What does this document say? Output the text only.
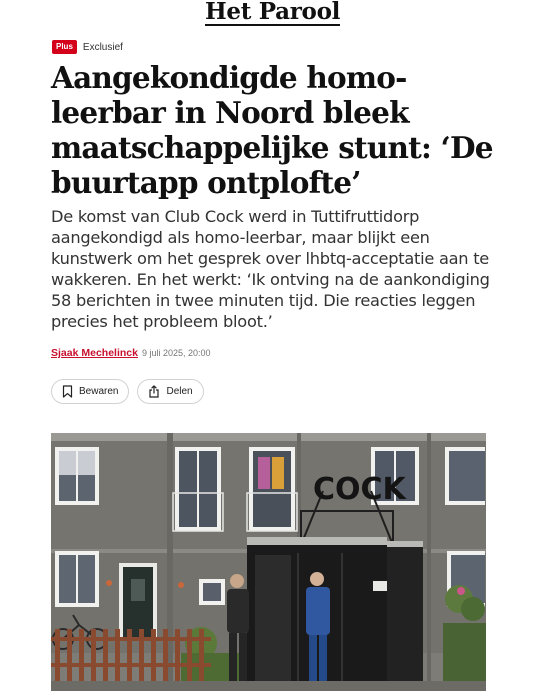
Het Parool
Plus	Exclusief
Aangekondigde homo-leerbar in Noord bleek maatschappelijke stunt: ‘De buurtapp ontplofte’

De komst van Club Cock werd in Tuttifruttidorp aangekondigd als homo-leerbar, maar blijkt een kunstwerk om het gesprek over lhbtq-acceptatie aan te wakkeren. En het werkt: ‘Ik ontving na de aankondiging 58 berichten in twee minuten tijd. Die reacties leggen precies het probleem bloot.’

Sjaak Mechelinck 9 juli 2025, 20:00
Bewaren	Delen
COCK
